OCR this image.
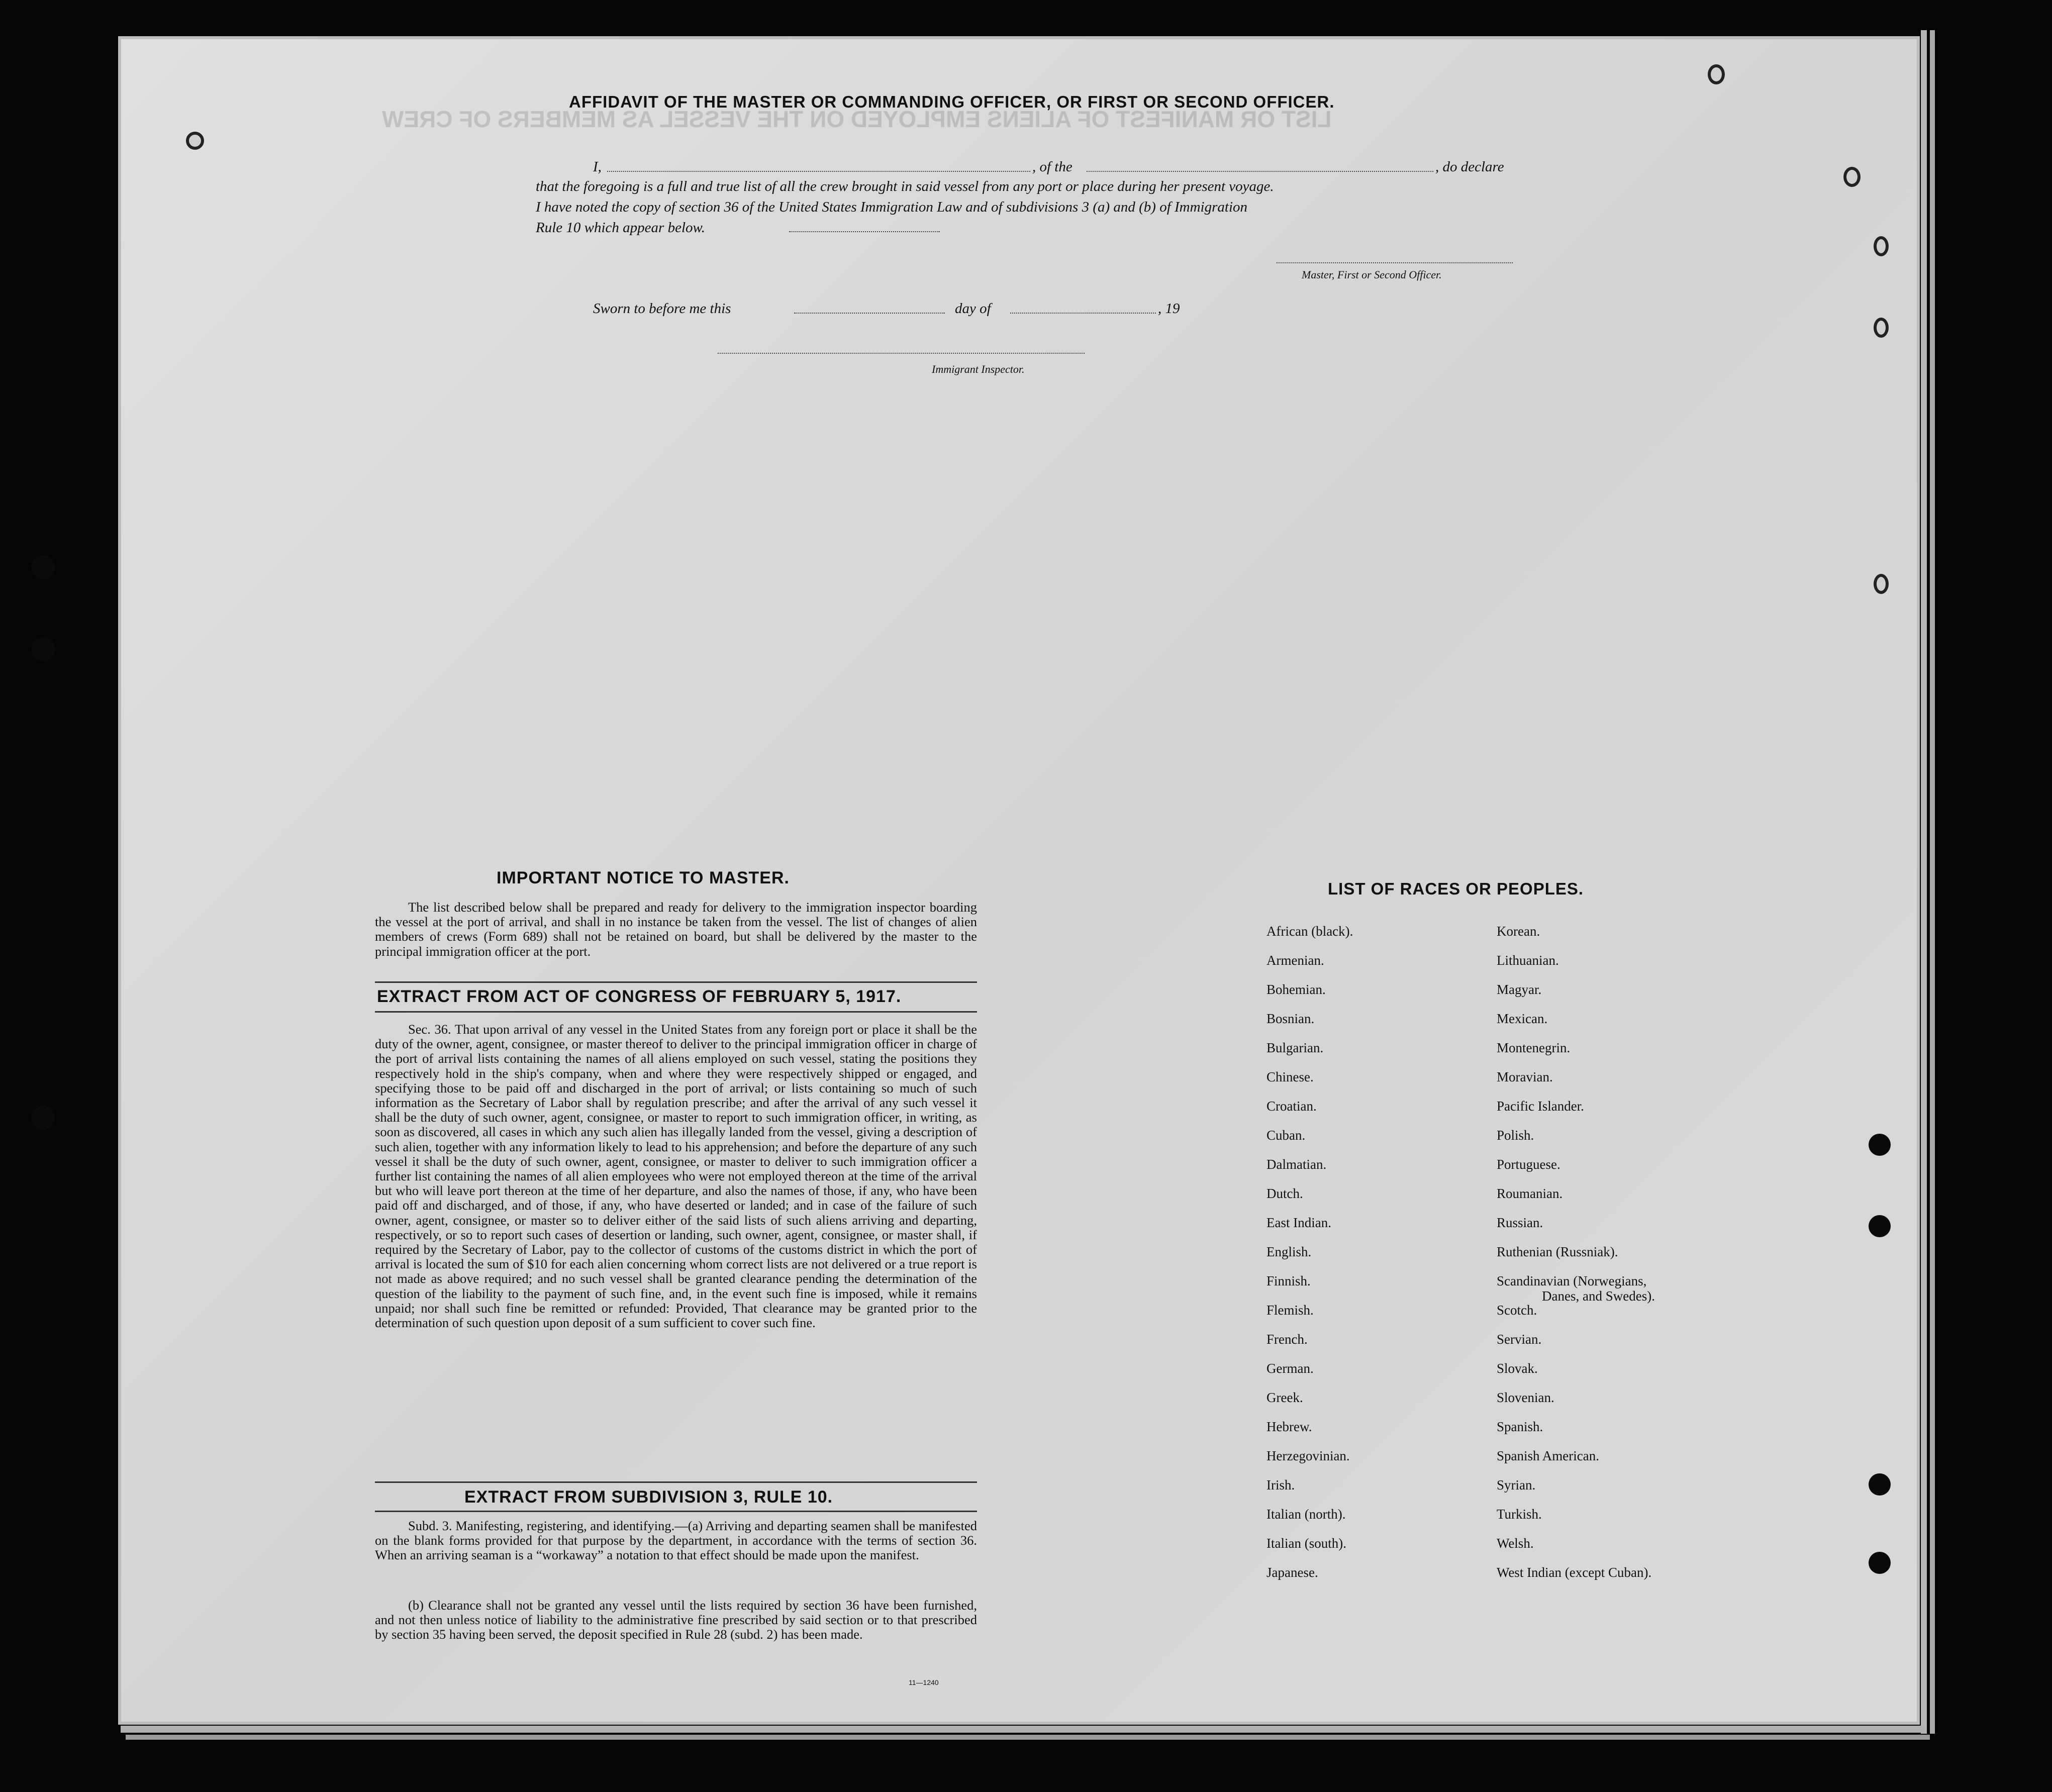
LIST OR MANIFEST OF ALIENS EMPLOYED ON THE VESSEL AS MEMBERS OF CREW
AFFIDAVIT OF THE MASTER OR COMMANDING OFFICER, OR FIRST OR SECOND OFFICER.
I,	, of the	, do declare
that the foregoing is a full and true list of all the crew brought in said vessel from any port or place during her present voyage.
I have noted the copy of section 36 of the United States Immigration Law and of subdivisions 3 (a) and (b) of Immigration
Rule 10 which appear below.
Master, First or Second Officer.
Sworn to before me this	day of	, 19
Immigrant Inspector.
IMPORTANT NOTICE TO MASTER.
The list described below shall be prepared and ready for delivery to the immigration inspector boarding the vessel at the port of arrival, and shall in no instance be taken from the vessel. The list of changes of alien members of crews (Form 689) shall not be retained on board, but shall be delivered by the master to the principal immigration officer at the port.
EXTRACT FROM ACT OF CONGRESS OF FEBRUARY 5, 1917.
Sec. 36. That upon arrival of any vessel in the United States from any foreign port or place it shall be the duty of the owner, agent, consignee, or master thereof to deliver to the principal immigration officer in charge of the port of arrival lists containing the names of all aliens employed on such vessel, stating the positions they respectively hold in the ship's company, when and where they were respectively shipped or engaged, and specifying those to be paid off and discharged in the port of arrival; or lists containing so much of such information as the Secretary of Labor shall by regulation prescribe; and after the arrival of any such vessel it shall be the duty of such owner, agent, consignee, or master to report to such immigration officer, in writing, as soon as discovered, all cases in which any such alien has illegally landed from the vessel, giving a description of such alien, together with any information likely to lead to his apprehension; and before the departure of any such vessel it shall be the duty of such owner, agent, consignee, or master to deliver to such immigration officer a further list containing the names of all alien employees who were not employed thereon at the time of the arrival but who will leave port thereon at the time of her departure, and also the names of those, if any, who have been paid off and discharged, and of those, if any, who have deserted or landed; and in case of the failure of such owner, agent, consignee, or master so to deliver either of the said lists of such aliens arriving and departing, respectively, or so to report such cases of desertion or landing, such owner, agent, consignee, or master shall, if required by the Secretary of Labor, pay to the collector of customs of the customs district in which the port of arrival is located the sum of $10 for each alien concerning whom correct lists are not delivered or a true report is not made as above required; and no such vessel shall be granted clearance pending the determination of the question of the liability to the payment of such fine, and, in the event such fine is imposed, while it remains unpaid; nor shall such fine be remitted or refunded: Provided, That clearance may be granted prior to the determination of such question upon deposit of a sum sufficient to cover such fine.
EXTRACT FROM SUBDIVISION 3, RULE 10.
Subd. 3. Manifesting, registering, and identifying.—(a) Arriving and departing seamen shall be manifested on the blank forms provided for that purpose by the department, in accordance with the terms of section 36. When an arriving seaman is a “workaway” a notation to that effect should be made upon the manifest.
(b) Clearance shall not be granted any vessel until the lists required by section 36 have been furnished, and not then unless notice of liability to the administrative fine prescribed by said section or to that prescribed by section 35 having been served, the deposit specified in Rule 28 (subd. 2) has been made.
11—1240
LIST OF RACES OR PEOPLES.
African (black).
Armenian.
Bohemian.
Bosnian.
Bulgarian.
Chinese.
Croatian.
Cuban.
Dalmatian.
Dutch.
East Indian.
English.
Finnish.
Flemish.
French.
German.
Greek.
Hebrew.
Herzegovinian.
Irish.
Italian (north).
Italian (south).
Japanese.
Korean.
Lithuanian.
Magyar.
Mexican.
Montenegrin.
Moravian.
Pacific Islander.
Polish.
Portuguese.
Roumanian.
Russian.
Ruthenian (Russniak).
Scandinavian (Norwegians,
Scotch.
Servian.
Slovak.
Slovenian.
Spanish.
Spanish American.
Syrian.
Turkish.
Welsh.
West Indian (except Cuban).
Danes, and Swedes).
